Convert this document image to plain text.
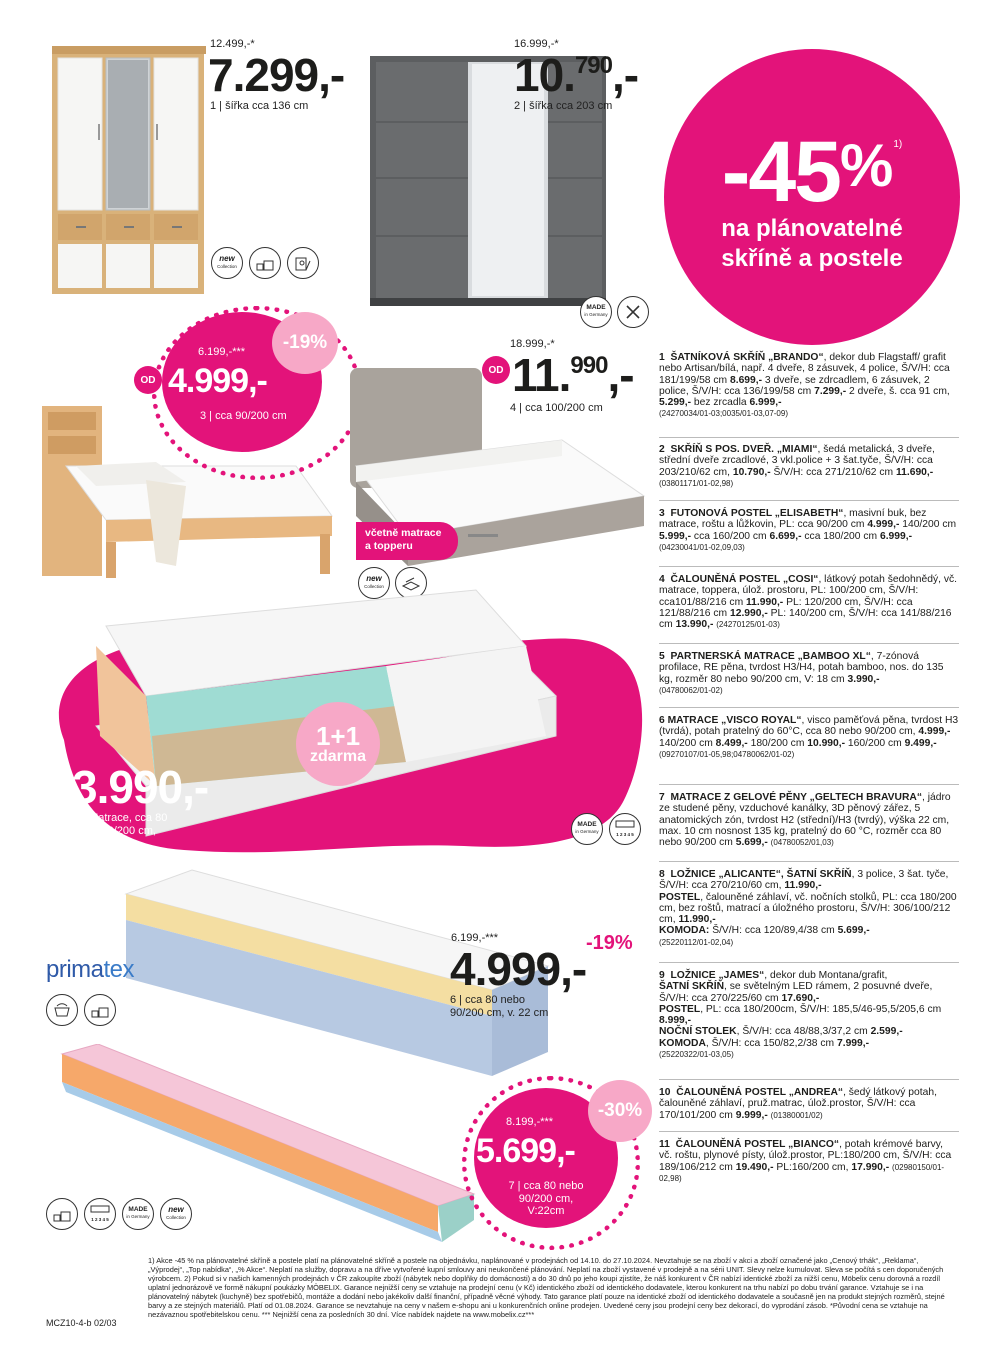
12.499,-*
7.299,-
1 | šířka cca 136 cm
new
Collection
16.999,-*
10.$^{790}$,-
2 | šířka cca 203 cm
MADE
in Germany
-45%1)
na plánovatelné
skříně a postele
6.199,-***
OD 4.999,-
3 | cca 90/200 cm
-19%	18.999,-*
OD 11.$^{990}$,-
4 | cca 100/200 cm
včetně matrace
a topperu
new
Collection
1+1
zdarma
3.990,-
5 | Matrace, cca 80
nebo 90/200 cm,
v. 18 cm
MADE
in Germany

1 2 3 4 5
primatex
6.199,-***	-19%
4.999,-
6 | cca 80 nebo
90/200 cm, v. 22 cm
8.199,-***
5.699,-
7 | cca 80 nebo
90/200 cm,
V:22cm
-30%

1 2 3 4 5
MADE
in Germany
new
Collection
1 ŠATNÍKOVÁ SKŘÍŇ „BRANDO“, dekor dub Flagstaff/ grafit nebo Artisan/bílá, např. 4 dveře, 8 zásuvek, 4 police, Š/V/H: cca 181/199/58 cm 8.699,- 3 dveře, se zdrcadlem, 6 zásuvek, 2 police, Š/V/H: cca 136/199/58 cm 7.299,- 2 dveře, š. cca 91 cm, 5.299,- bez zrcadla 6.999,-
(24270034/01-03;0035/01-03,07-09)
2 SKŘÍŇ S POS. DVEŘ. „MIAMI“, šedá metalická, 3 dveře, střední dveře zrcadlové, 3 vkl.police + 3 šat.tyče, Š/V/H: cca 203/210/62 cm, 10.790,- Š/V/H: cca 271/210/62 cm 11.690,- (03801171/01-02,98)
3 FUTONOVÁ POSTEL „ELISABETH“, masivní buk, bez matrace, roštu a lůžkovin, PL: cca 90/200 cm 4.999,- 140/200 cm 5.999,- cca 160/200 cm 6.699,- cca 180/200 cm 6.999,- (04230041/01-02,09,03)
4 ČALOUNĚNÁ POSTEL „COSI“, látkový potah šedohnědý, vč. matrace, toppera, úlož. prostoru, PL: 100/200 cm, Š/V/H: cca101/88/216 cm 11.990,- PL: 120/200 cm, Š/V/H: cca 121/88/216 cm 12.990,- PL: 140/200 cm, Š/V/H: cca 141/88/216 cm 13.990,- (24270125/01-03)
5 PARTNERSKÁ MATRACE „BAMBOO XL“, 7-zónová profilace, RE pěna, tvrdost H3/H4, potah bamboo, nos. do 135 kg, rozměr 80 nebo 90/200 cm, V: 18 cm 3.990,-
(04780062/01-02)
6 MATRACE „VISCO ROYAL“, visco paměťová pěna, tvrdost H3 (tvrdá), potah pratelný do 60°C, cca 80 nebo 90/200 cm, 4.999,- 140/200 cm 8.499,- 180/200 cm 10.990,- 160/200 cm 9.499,-
(09270107/01-05,98;04780062/01-02)
7 MATRACE Z GELOVÉ PĚNY „GELTECH BRAVURA“, jádro ze studené pěny, vzduchové kanálky, 3D pěnový zářez, 5 anatomických zón, tvrdost H2 (střední)/H3 (tvrdý), výška 22 cm, max. 10 cm nosnost 135 kg, pratelný do 60 °C, rozměr cca 80 nebo 90/200 cm 5.699,- (04780052/01,03)
8 LOŽNICE „ALICANTE“, ŠATNÍ SKŘÍŇ, 3 police, 3 šat. tyče, Š/V/H: cca 270/210/60 cm, 11.990,-
POSTEL, čalouněné záhlaví, vč. nočních stolků, PL: cca 180/200 cm, bez roštů, matrací a úložného prostoru, Š/V/H: 306/100/212 cm, 11.990,-
KOMODA: Š/V/H: cca 120/89,4/38 cm 5.699,-
(25220112/01-02,04)
9 LOŽNICE „JAMES“, dekor dub Montana/grafit,
ŠATNÍ SKŘÍŇ, se světelným LED rámem, 2 posuvné dveře, Š/V/H: cca 270/225/60 cm 17.690,-
POSTEL, PL: cca 180/200cm, Š/V/H: 185,5/46-95,5/205,6 cm 8.999,-
NOČNÍ STOLEK, Š/V/H: cca 48/88,3/37,2 cm 2.599,-
KOMODA, Š/V/H: cca 150/82,2/38 cm 7.999,-
(25220322/01-03,05)
10 ČALOUNĚNÁ POSTEL „ANDREA“, šedý látkový potah, čalouněné záhlaví, pruž.matrac, úlož.prostor, Š/V/H: cca 170/101/200 cm 9.999,- (01380001/02)
11 ČALOUNĚNÁ POSTEL „BIANCO“, potah krémové barvy, vč. roštu, plynové písty, úlož.prostor, PL:180/200 cm, Š/V/H: cca 189/106/212 cm 19.490,- PL:160/200 cm, 17.990,- (02980150/01-02,98)
1) Akce -45 % na plánovatelné skříně a postele platí na plánovatelné skříně a postele na objednávku, naplánované v prodejnách od 14.10. do 27.10.2024. Nevztahuje se na zboží v akci a zboží označené jako „Cenový trhák“, „Reklama“, „Výprodej“, „Top nabídka“, „% Akce“. Neplatí na služby, dopravu a na dříve vytvořené kupní smlouvy ani neukončené plánování. Neplatí na zboží vystavené v prodejně a na sérii UNIT. Slevy nelze kumulovat. Sleva se počítá s cen doporučených výrobcem. 2) Pokud si v našich kamenných prodejnách v ČR zakoupíte zboží (nábytek nebo doplňky do domácnosti) a do 30 dnů po jeho koupi zjistíte, že náš konkurent v ČR nabízí identické zboží za nižší cenu, Möbelix cenu dorovná a rozdíl uplatní jednorázově ve formě nákupní poukázky MÖBELIX. Garance nejnižší ceny se vztahuje na prodejní cenu (v Kč) identického zboží od identického dodavatele, kterou konkurent na trhu nabízí po dobu trvání garance. Vztahuje se i na plánovatelný nábytek (kuchyně) bez spotřebičů, montáže a dodání nebo jakékoliv další finanční, případně věcné výhody. Tato garance platí pouze na identické zboží od identického dodavatele a současně jen na produkt stejných rozměrů, stejné barvy a ze stejných materiálů. Platí od 01.08.2024. Garance se nevztahuje na ceny v našem e-shopu ani u konkurenčních online prodejen. Uvedené ceny jsou prodejní ceny bez dekorací, do vyprodání zásob. *Původní cena se vztahuje na nezávaznou spotřebitelskou cenu. *** Nejnižší cena za posledních 30 dní. Více nabídek najdete na www.mobelix.cz***
MCZ10-4-b 02/03
